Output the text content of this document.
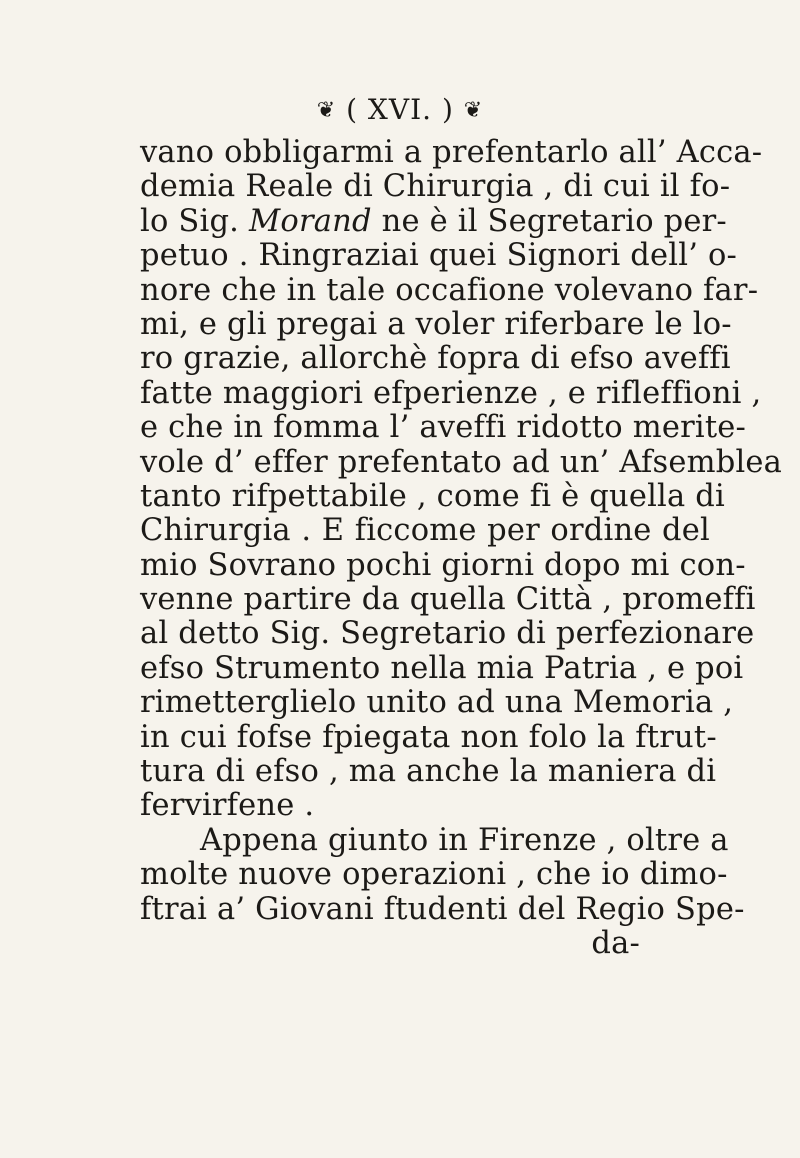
❦ ( XVI. ) ❦
vano obbligarmi a prefentarlo all’ Acca-
demia Reale di Chirurgia , di cui il fo-
lo Sig. Morand ne è il Segretario per-
petuo . Ringraziai quei Signori dell’ o-
nore che in tale occafione volevano far-
mi, e gli pregai a voler riferbare le lo-
ro grazie, allorchè fopra di efso aveffi
fatte maggiori efperienze , e rifleffioni ,
e che in fomma l’ aveffi ridotto merite-
vole d’ effer prefentato ad un’ Afsemblea
tanto rifpettabile , come fi è quella di
Chirurgia . E ficcome per ordine del
mio Sovrano pochi giorni dopo mi con-
venne partire da quella Città , promeffi
al detto Sig. Segretario di perfezionare
efso Strumento nella mia Patria , e poi
rimetterglielo unito ad una Memoria ,
in cui fofse fpiegata non folo la ftrut-
tura di efso , ma anche la maniera di
fervirfene .
Appena giunto in Firenze , oltre a
molte nuove operazioni , che io dimo-
ftrai a’ Giovani ftudenti del Regio Spe-
da-
